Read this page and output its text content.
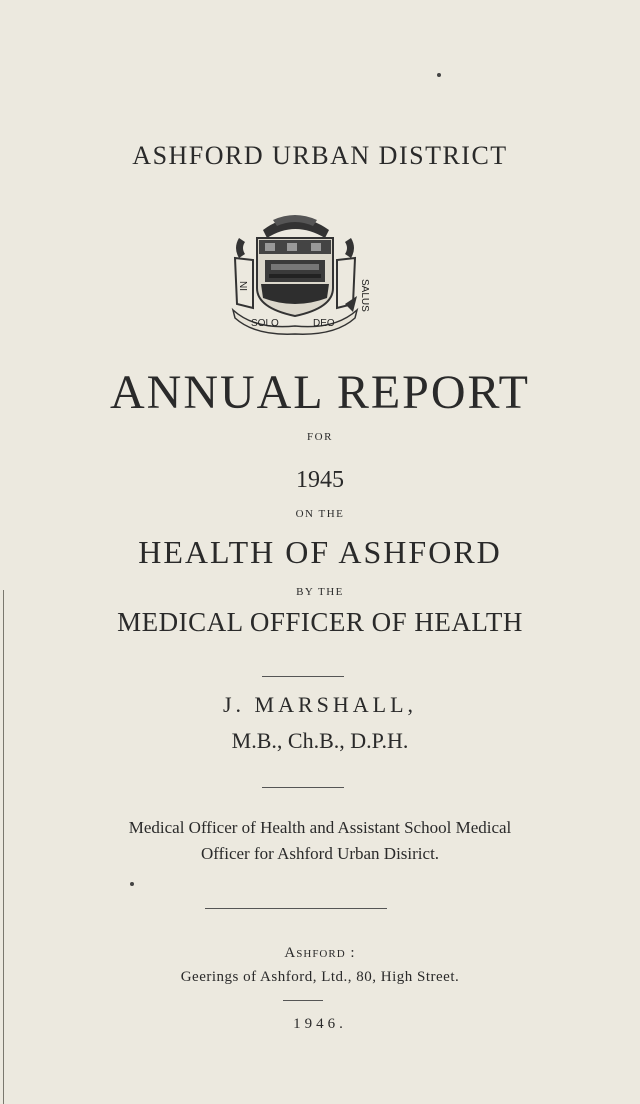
ASHFORD URBAN DISTRICT
NI	SALUS
SOLO	DEO
ANNUAL REPORT
FOR
1945
ON THE
HEALTH OF ASHFORD
BY THE
MEDICAL OFFICER OF HEALTH
J. MARSHALL,
M.B., Ch.B., D.P.H.
Medical Officer of Health and Assistant School Medical
Officer for Ashford Urban Disirict.
Ashford :
Geerings of Ashford, Ltd., 80, High Street.
1946.
